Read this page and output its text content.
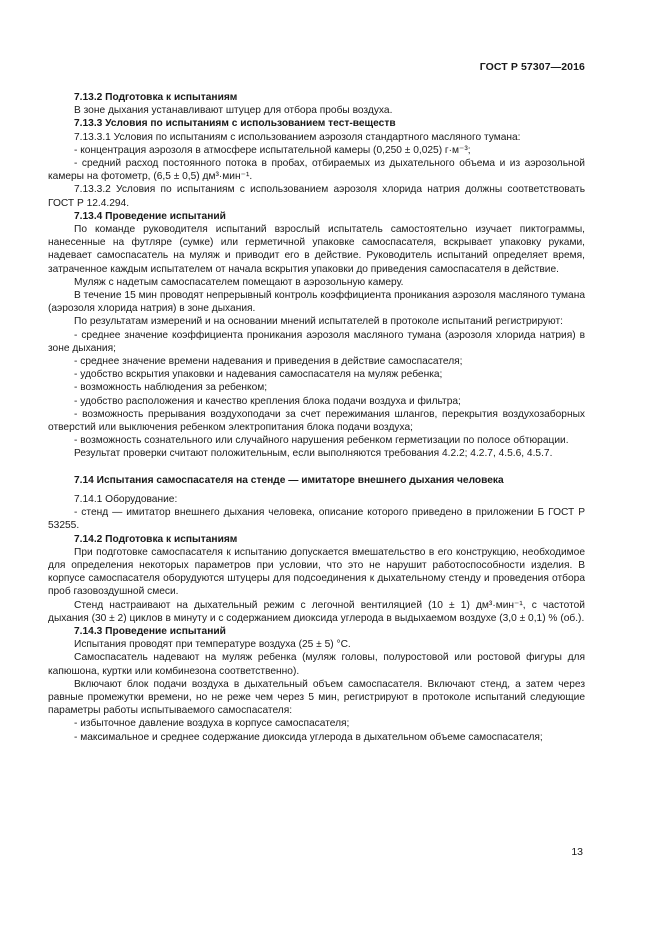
ГОСТ Р 57307—2016

7.13.2 Подготовка к испытаниям

В зоне дыхания устанавливают штуцер для отбора пробы воздуха.

7.13.3 Условия по испытаниям с использованием тест-веществ

7.13.3.1 Условия по испытаниям с использованием аэрозоля стандартного масляного тумана:

- концентрация аэрозоля в атмосфере испытательной камеры (0,250 ± 0,025) г·м⁻³;

- средний расход постоянного потока в пробах, отбираемых из дыхательного объема и из аэрозольной камеры на фотометр, (6,5 ± 0,5) дм³·мин⁻¹.

7.13.3.2 Условия по испытаниям с использованием аэрозоля хлорида натрия должны соответствовать ГОСТ Р 12.4.294.

7.13.4 Проведение испытаний

По команде руководителя испытаний взрослый испытатель самостоятельно изучает пиктограммы, нанесенные на футляре (сумке) или герметичной упаковке самоспасателя, вскрывает упаковку руками, надевает самоспасатель на муляж и приводит его в действие. Руководитель испытаний определяет время, затраченное каждым испытателем от начала вскрытия упаковки до приведения самоспасателя в действие.

Муляж с надетым самоспасателем помещают в аэрозольную камеру.

В течение 15 мин проводят непрерывный контроль коэффициента проникания аэрозоля масляного тумана (аэрозоля хлорида натрия) в зоне дыхания.

По результатам измерений и на основании мнений испытателей в протоколе испытаний регистрируют:

- среднее значение коэффициента проникания аэрозоля масляного тумана (аэрозоля хлорида натрия) в зоне дыхания;

- среднее значение времени надевания и приведения в действие самоспасателя;

- удобство вскрытия упаковки и надевания самоспасателя на муляж ребенка;

- возможность наблюдения за ребенком;

- удобство расположения и качество крепления блока подачи воздуха и фильтра;

- возможность прерывания воздухоподачи за счет пережимания шлангов, перекрытия воздухозаборных отверстий или выключения ребенком электропитания блока подачи воздуха;

- возможность сознательного или случайного нарушения ребенком герметизации по полосе обтюрации.

Результат проверки считают положительным, если выполняются требования 4.2.2; 4.2.7, 4.5.6, 4.5.7.

7.14 Испытания самоспасателя на стенде — имитаторе внешнего дыхания человека

7.14.1 Оборудование:

- стенд — имитатор внешнего дыхания человека, описание которого приведено в приложении Б ГОСТ Р 53255.

7.14.2 Подготовка к испытаниям

При подготовке самоспасателя к испытанию допускается вмешательство в его конструкцию, необходимое для определения некоторых параметров при условии, что это не нарушит работоспособности изделия. В корпусе самоспасателя оборудуются штуцеры для подсоединения к дыхательному стенду и проведения отбора проб газовоздушной смеси.

Стенд настраивают на дыхательный режим с легочной вентиляцией (10 ± 1) дм³·мин⁻¹, с частотой дыхания (30 ± 2) циклов в минуту и с содержанием диоксида углерода в выдыхаемом воздухе (3,0 ± 0,1) % (об.).

7.14.3 Проведение испытаний

Испытания проводят при температуре воздуха (25 ± 5) °С.

Самоспасатель надевают на муляж ребенка (муляж головы, полуростовой или ростовой фигуры для капюшона, куртки или комбинезона соответственно).

Включают блок подачи воздуха в дыхательный объем самоспасателя. Включают стенд, а затем через равные промежутки времени, но не реже чем через 5 мин, регистрируют в протоколе испытаний следующие параметры работы испытываемого самоспасателя:

- избыточное давление воздуха в корпусе самоспасателя;

- максимальное и среднее содержание диоксида углерода в дыхательном объеме самоспасателя;

13
